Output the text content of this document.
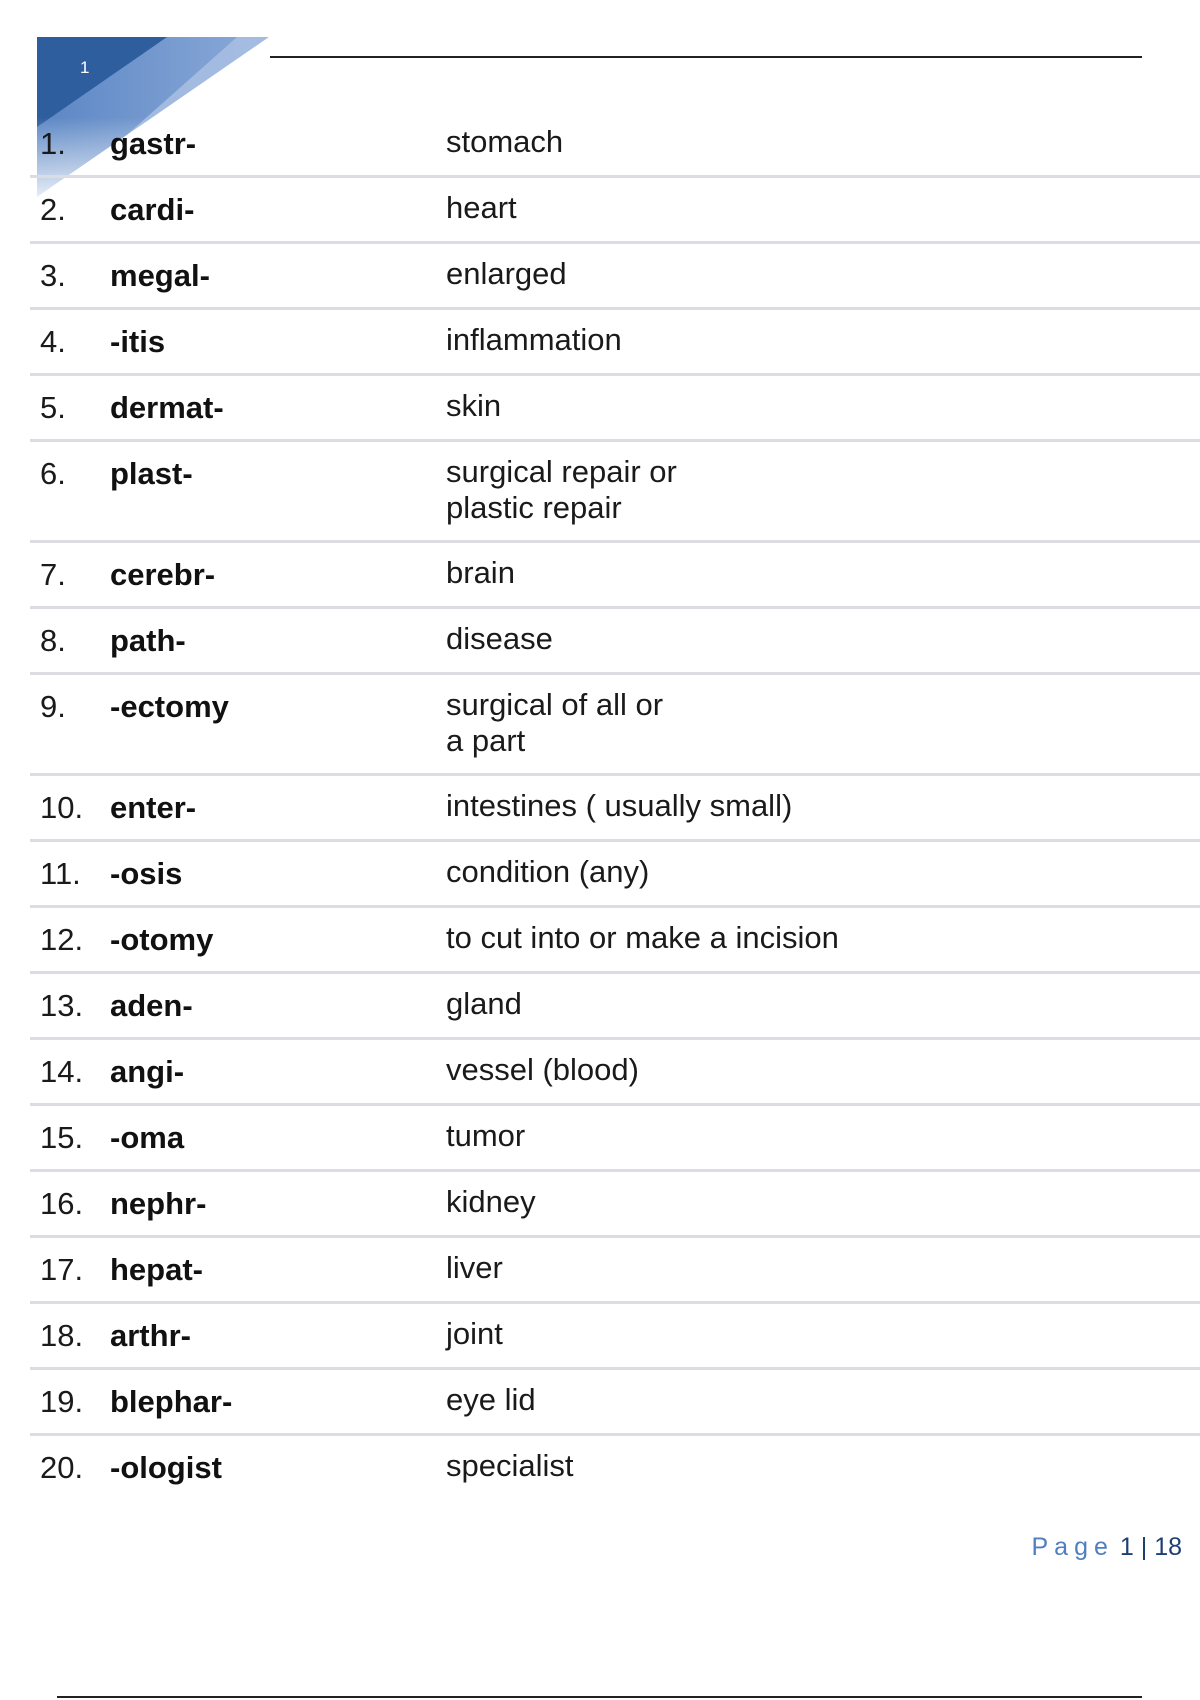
1
1. gastr-	stomach
2. cardi-	heart
3. megal-	enlarged
4. -itis	inflammation
5. dermat-	skin
6. plast-	surgical repair or
plastic repair
7. cerebr-	brain
8. path-	disease
9. -ectomy	surgical of all or
a part
10. enter-	intestines ( usually small)
11. -osis	condition (any)
12. -otomy	to cut into or make a incision
13. aden-	gland
14. angi-	vessel (blood)
15. -oma	tumor
16. nephr-	kidney
17. hepat-	liver
18. arthr-	joint
19. blephar-	eye lid
20. -ologist	specialist
Page 1 | 18
